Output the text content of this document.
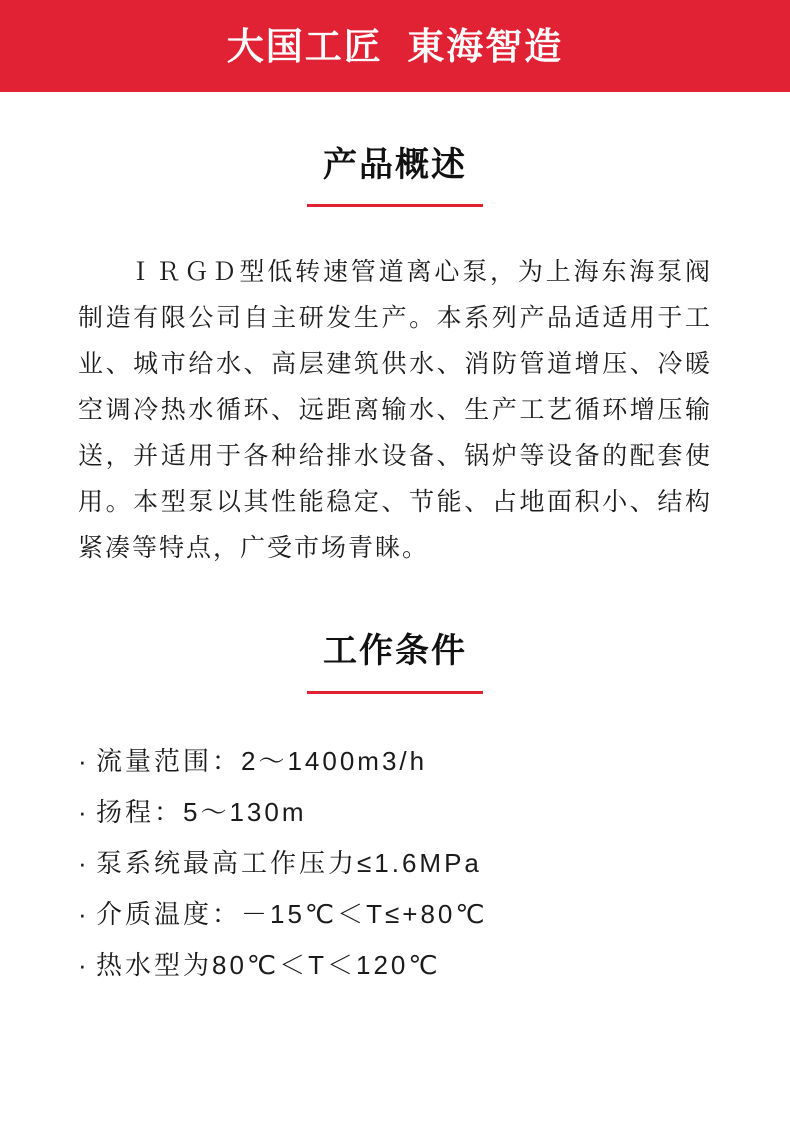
大国工匠  東海智造
产品概述

ＩＲＧＤ型低转速管道离心泵，为上海东海泵阀制造有限公司自主研发生产。本系列产品适适用于工业、城市给水、高层建筑供水、消防管道增压、冷暖空调冷热水循环、远距离输水、生产工艺循环增压输送，并适用于各种给排水设备、锅炉等设备的配套使用。本型泵以其性能稳定、节能、占地面积小、结构紧凑等特点，广受市场青睐。

工作条件
· 流量范围：2～1400m3/h
· 扬程：5～130m
· 泵系统最高工作压力≤1.6MPa
· 介质温度：－15℃＜T≤+80℃
· 热水型为80℃＜T＜120℃
